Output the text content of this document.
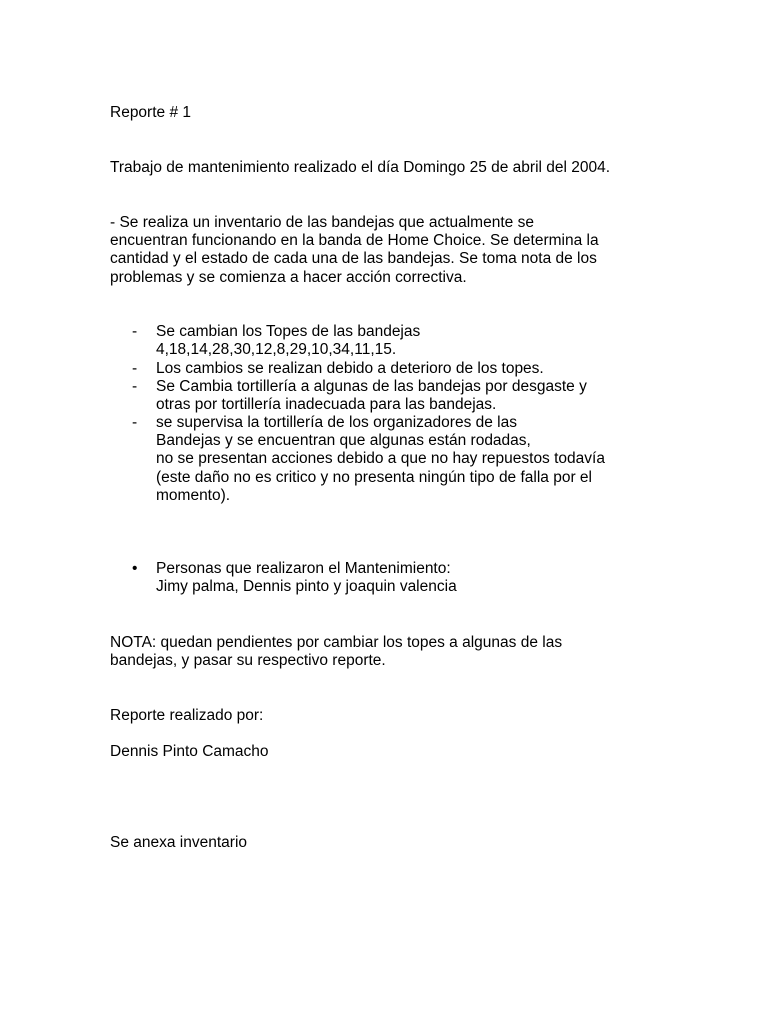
Reporte # 1
Trabajo de mantenimiento realizado el día Domingo 25 de abril del 2004.
- Se realiza un inventario de las bandejas que actualmente se
encuentran funcionando en la banda de Home Choice. Se determina la
cantidad y el estado de cada una de las bandejas. Se toma nota de los
problemas y se comienza a hacer acción correctiva.
-	Se cambian los Topes de las bandejas
4,18,14,28,30,12,8,29,10,34,11,15.
-	Los cambios se realizan debido a deterioro de los topes.
-	Se Cambia tortillería a algunas de las bandejas por desgaste y
otras por tortillería inadecuada para las bandejas.
-	se supervisa la tortillería de los organizadores de las
Bandejas y se encuentran que algunas están rodadas,
no se presentan acciones debido a que no hay repuestos todavía
(este daño no es critico y no presenta ningún tipo de falla por el
momento).
•	Personas que realizaron el Mantenimiento:
Jimy palma, Dennis pinto y joaquin valencia
NOTA: quedan pendientes por cambiar los topes a algunas de las
bandejas, y pasar su respectivo reporte.
Reporte realizado por:
Dennis Pinto Camacho
Se anexa inventario
